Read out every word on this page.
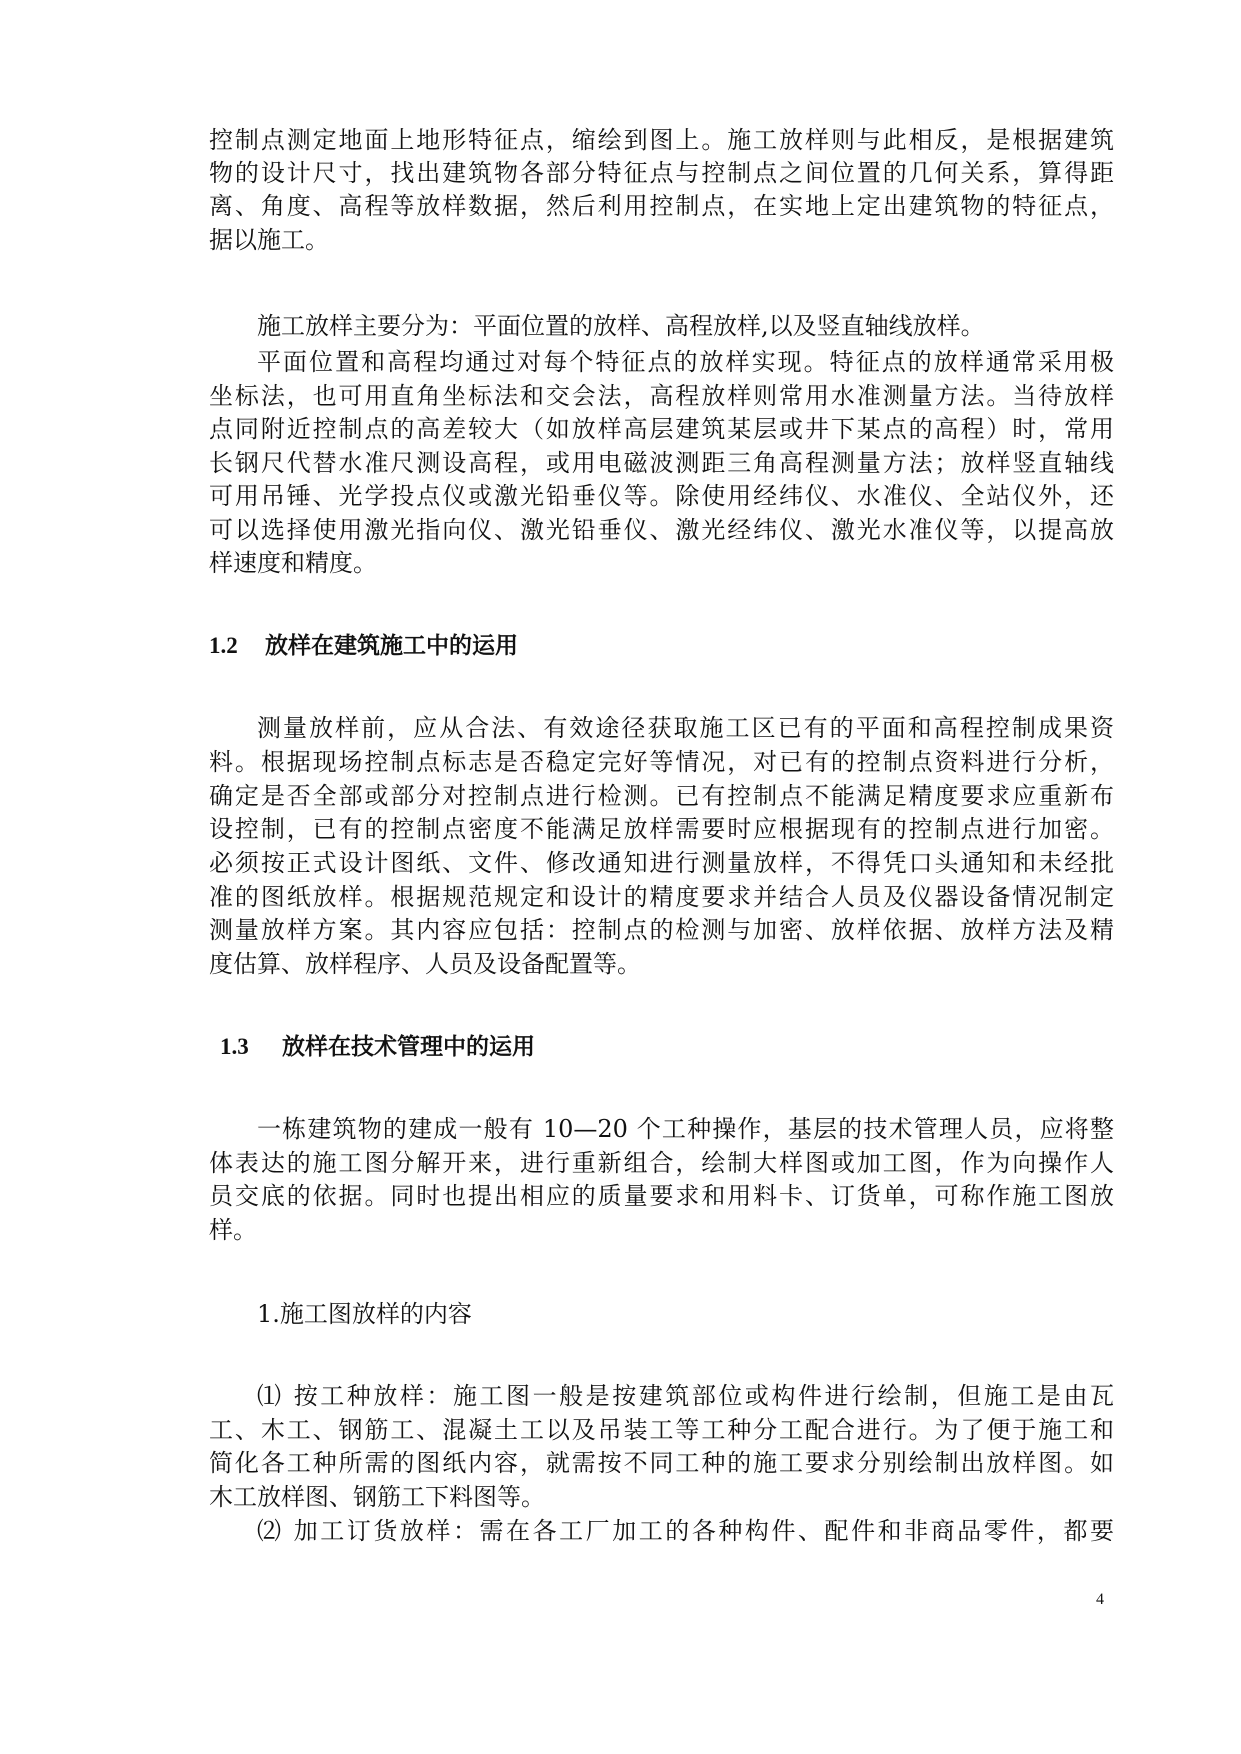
控制点测定地面上地形特征点，缩绘到图上。施工放样则与此相反，是根据建筑
物的设计尺寸，找出建筑物各部分特征点与控制点之间位置的几何关系，算得距
离、角度、高程等放样数据，然后利用控制点，在实地上定出建筑物的特征点，
据以施工。
施工放样主要分为：平面位置的放样、高程放样,以及竖直轴线放样。
平面位置和高程均通过对每个特征点的放样实现。特征点的放样通常采用极
坐标法，也可用直角坐标法和交会法，高程放样则常用水准测量方法。当待放样
点同附近控制点的高差较大（如放样高层建筑某层或井下某点的高程）时，常用
长钢尺代替水准尺测设高程，或用电磁波测距三角高程测量方法；放样竖直轴线
可用吊锤、光学投点仪或激光铅垂仪等。除使用经纬仪、水准仪、全站仪外，还
可以选择使用激光指向仪、激光铅垂仪、激光经纬仪、激光水准仪等，以提高放
样速度和精度。
1.2 放样在建筑施工中的运用
测量放样前，应从合法、有效途径获取施工区已有的平面和高程控制成果资
料。根据现场控制点标志是否稳定完好等情况，对已有的控制点资料进行分析，
确定是否全部或部分对控制点进行检测。已有控制点不能满足精度要求应重新布
设控制，已有的控制点密度不能满足放样需要时应根据现有的控制点进行加密。
必须按正式设计图纸、文件、修改通知进行测量放样，不得凭口头通知和未经批
准的图纸放样。根据规范规定和设计的精度要求并结合人员及仪器设备情况制定
测量放样方案。其内容应包括：控制点的检测与加密、放样依据、放样方法及精
度估算、放样程序、人员及设备配置等。
1.3 放样在技术管理中的运用
一栋建筑物的建成一般有 10—20 个工种操作，基层的技术管理人员，应将整
体表达的施工图分解开来，进行重新组合，绘制大样图或加工图，作为向操作人
员交底的依据。同时也提出相应的质量要求和用料卡、订货单，可称作施工图放
样。
1.施工图放样的内容
⑴ 按工种放样：施工图一般是按建筑部位或构件进行绘制，但施工是由瓦
工、木工、钢筋工、混凝土工以及吊装工等工种分工配合进行。为了便于施工和
简化各工种所需的图纸内容，就需按不同工种的施工要求分别绘制出放样图。如
木工放样图、钢筋工下料图等。
⑵ 加工订货放样：需在各工厂加工的各种构件、配件和非商品零件，都要
4
